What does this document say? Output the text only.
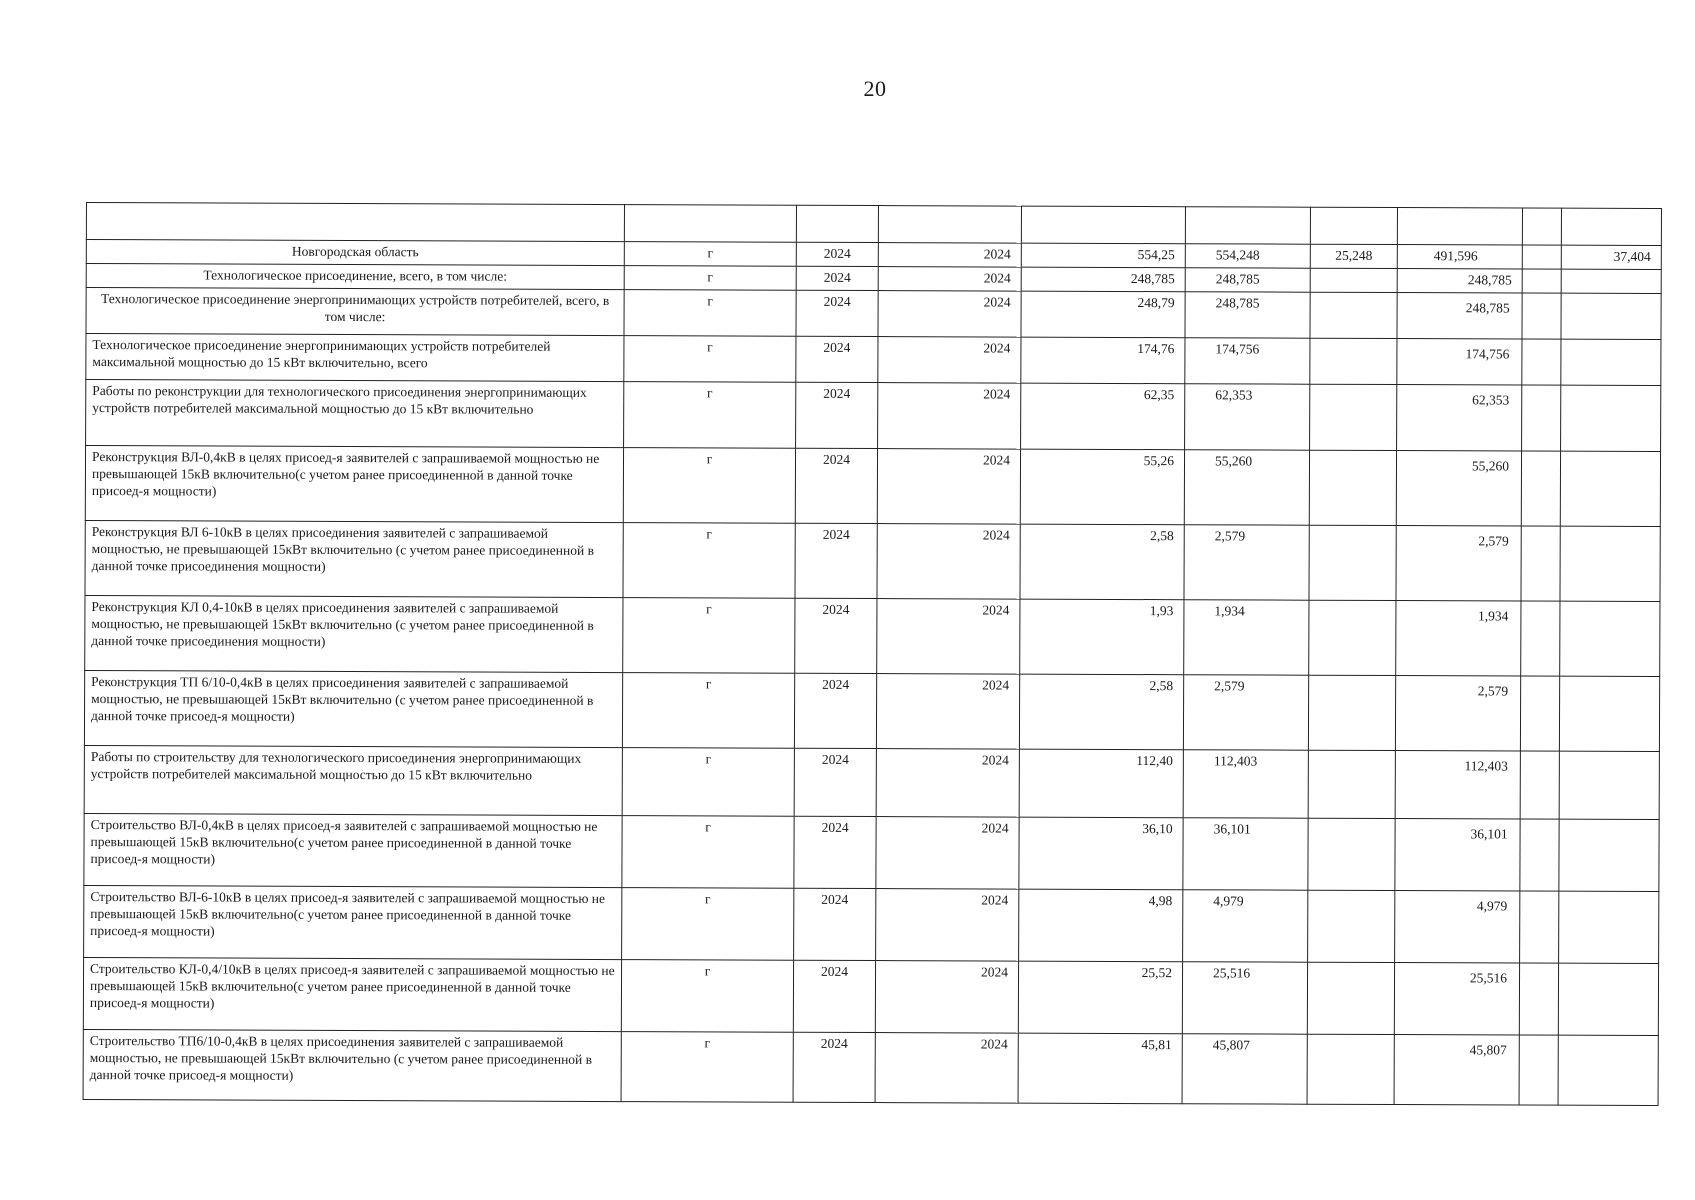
20

Новгородская область	г	2024	2024	554,25	554,248	25,248	491,596		37,404
Технологическое присоединение, всего, в том числе:	г	2024	2024	248,785	248,785		248,785		
Технологическое присоединение энергопринимающих устройств потребителей, всего, в том числе:	г	2024	2024	248,79	248,785		248,785		
Технологическое присоединение энергопринимающих устройств потребителей максимальной мощностью до 15 кВт включительно, всего	г	2024	2024	174,76	174,756		174,756		
Работы по реконструкции для технологического присоединения энергопринимающих устройств потребителей максимальной мощностью до 15 кВт включительно	г	2024	2024	62,35	62,353		62,353		
Реконструкция ВЛ-0,4кВ в целях присоед-я заявителей с запрашиваемой мощностью не превышающей 15кВ включительно(с учетом ранее присоединенной в данной точке присоед-я мощности)	г	2024	2024	55,26	55,260		55,260		
Реконструкция ВЛ 6-10кВ в целях присоединения заявителей с запрашиваемой мощностью, не превышающей 15кВт включительно (с учетом ранее присоединенной в данной точке присоединения мощности)	г	2024	2024	2,58	2,579		2,579		
Реконструкция КЛ 0,4-10кВ в целях присоединения заявителей с запрашиваемой мощностью, не превышающей 15кВт включительно (с учетом ранее присоединенной в данной точке присоединения мощности)	г	2024	2024	1,93	1,934		1,934		
Реконструкция ТП 6/10-0,4кВ в целях присоединения заявителей с запрашиваемой мощностью, не превышающей 15кВт включительно (с учетом ранее присоединенной в данной точке присоед-я мощности)	г	2024	2024	2,58	2,579		2,579		
Работы по строительству для технологического присоединения энергопринимающих устройств потребителей максимальной мощностью до 15 кВт включительно	г	2024	2024	112,40	112,403		112,403		
Строительство ВЛ-0,4кВ в целях присоед-я заявителей с запрашиваемой мощностью не превышающей 15кВ включительно(с учетом ранее присоединенной в данной точке присоед-я мощности)	г	2024	2024	36,10	36,101		36,101		
Строительство ВЛ-6-10кВ в целях присоед-я заявителей с запрашиваемой мощностью не превышающей 15кВ включительно(с учетом ранее присоединенной в данной точке присоед-я мощности)	г	2024	2024	4,98	4,979		4,979		
Строительство КЛ-0,4/10кВ в целях присоед-я заявителей с запрашиваемой мощностью не превышающей 15кВ включительно(с учетом ранее присоединенной в данной точке присоед-я мощности)	г	2024	2024	25,52	25,516		25,516		
Строительство ТП6/10-0,4кВ в целях присоединения заявителей с запрашиваемой мощностью, не превышающей 15кВт включительно (с учетом ранее присоединенной в данной точке присоед-я мощности)	г	2024	2024	45,81	45,807		45,807		
